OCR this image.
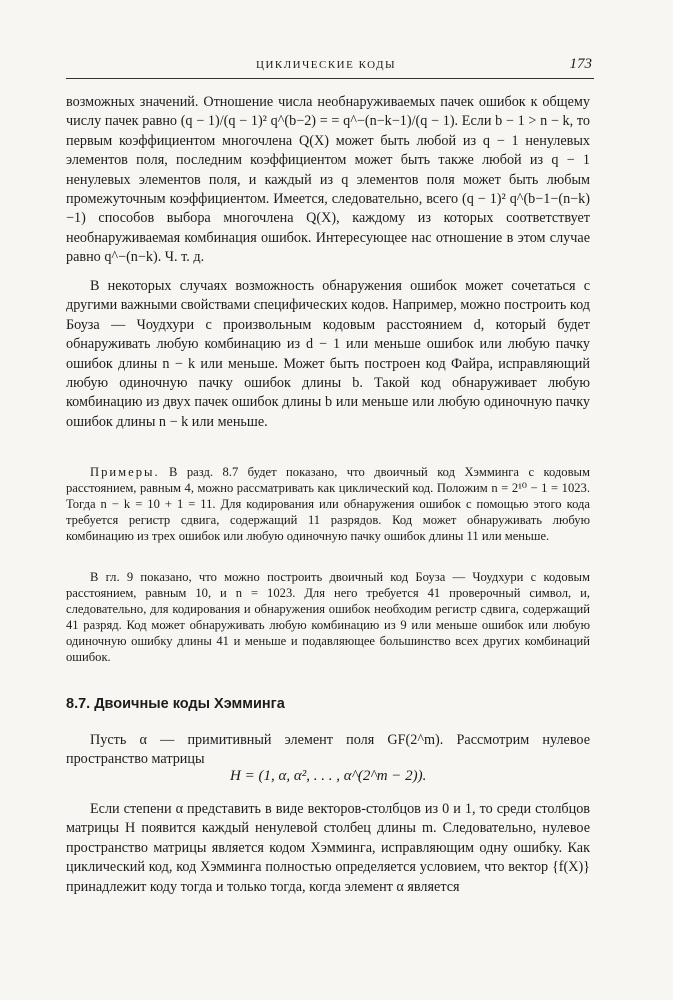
ЦИКЛИЧЕСКИЕ КОДЫ	173

возможных значений. Отношение числа необнаруживаемых пачек ошибок к общему числу пачек равно (q − 1)/(q − 1)² q^(b−2) = = q^−(n−k−1)/(q − 1). Если b − 1 > n − k, то первым коэффициентом многочлена Q(X) может быть любой из q − 1 ненулевых элементов поля, последним коэффициентом может быть также любой из q − 1 ненулевых элементов поля, и каждый из q элементов поля может быть любым промежуточным коэффициентом. Имеется, следовательно, всего (q − 1)² q^(b−1−(n−k)−1) способов выбора многочлена Q(X), каждому из которых соответствует необнаруживаемая комбинация ошибок. Интересующее нас отношение в этом случае равно q^−(n−k). Ч. т. д.

В некоторых случаях возможность обнаружения ошибок может сочетаться с другими важными свойствами специфических кодов. Например, можно построить код Боуза — Чоудхури с произвольным кодовым расстоянием d, который будет обнаруживать любую комбинацию из d − 1 или меньше ошибок или любую пачку ошибок длины n − k или меньше. Может быть построен код Файра, исправляющий любую одиночную пачку ошибок длины b. Такой код обнаруживает любую комбинацию из двух пачек ошибок длины b или меньше или любую одиночную пачку ошибок длины n − k или меньше.

Примеры. В разд. 8.7 будет показано, что двоичный код Хэмминга с кодовым расстоянием, равным 4, можно рассматривать как циклический код. Положим n = 2¹⁰ − 1 = 1023. Тогда n − k = 10 + 1 = 11. Для кодирования или обнаружения ошибок с помощью этого кода требуется регистр сдвига, содержащий 11 разрядов. Код может обнаруживать любую комбинацию из трех ошибок или любую одиночную пачку ошибок длины 11 или меньше.

В гл. 9 показано, что можно построить двоичный код Боуза — Чоудхури с кодовым расстоянием, равным 10, и n = 1023. Для него требуется 41 проверочный символ, и, следовательно, для кодирования и обнаружения ошибок необходим регистр сдвига, содержащий 41 разряд. Код может обнаруживать любую комбинацию из 9 или меньше ошибок или любую одиночную ошибку длины 41 и меньше и подавляющее большинство всех других комбинаций ошибок.

8.7. Двоичные коды Хэмминга

Пусть α — примитивный элемент поля GF(2^m). Рассмотрим нулевое пространство матрицы

H = (1, α, α², . . . , α^(2^m − 2)).

Если степени α представить в виде векторов-столбцов из 0 и 1, то среди столбцов матрицы H появится каждый ненулевой столбец длины m. Следовательно, нулевое пространство матрицы является кодом Хэмминга, исправляющим одну ошибку. Как циклический код, код Хэмминга полностью определяется условием, что вектор {f(X)} принадлежит коду тогда и только тогда, когда элемент α является
